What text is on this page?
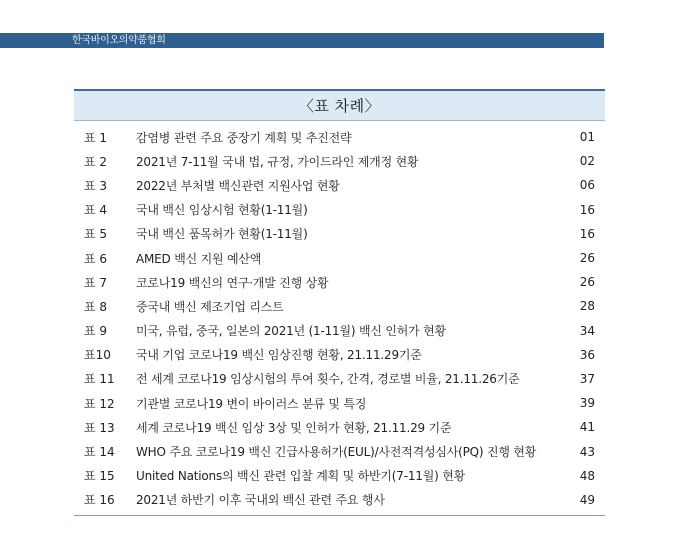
한국바이오의약품협회
〈표 차례〉
표 1	감염병 관련 주요 중장기 계획 및 추진전략	01
표 2	2021년 7-11월 국내 법, 규정, 가이드라인 제개정 현황	02
표 3	2022년 부처별 백신관련 지원사업 현황	06
표 4	국내 백신 임상시험 현황(1-11월)	16
표 5	국내 백신 품목허가 현황(1-11월)	16
표 6	AMED 백신 지원 예산액	26
표 7	코로나19 백신의 연구·개발 진행 상황	26
표 8	중국내 백신 제조기업 리스트	28
표 9	미국, 유럽, 중국, 일본의 2021년 (1-11월) 백신 인허가 현황	34
표10	국내 기업 코로나19 백신 임상진행 현황, 21.11.29기준	36
표 11	전 세계 코로나19 임상시험의 투여 횟수, 간격, 경로별 비율, 21.11.26기준	37
표 12	기관별 코로나19 변이 바이러스 분류 및 특징	39
표 13	세계 코로나19 백신 임상 3상 및 인허가 현황, 21.11.29 기준	41
표 14	WHO 주요 코로나19 백신 긴급사용허가(EUL)/사전적격성심사(PQ) 진행 현황	43
표 15	United Nations의 백신 관련 입찰 계획 및 하반기(7-11월) 현황	48
표 16	2021년 하반기 이후 국내외 백신 관련 주요 행사	49
